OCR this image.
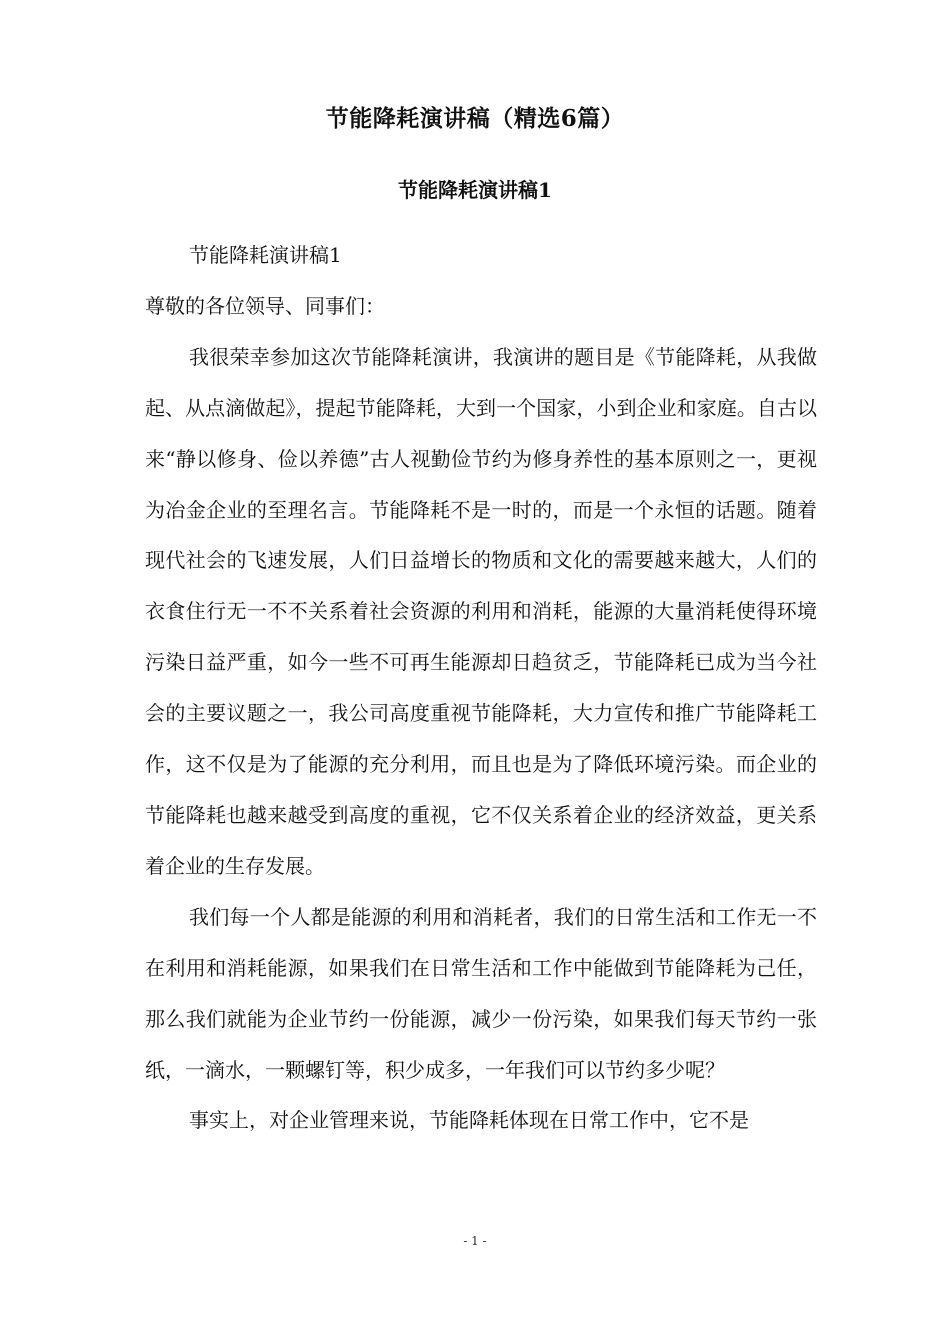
节能降耗演讲稿（精选6篇）
节能降耗演讲稿1

节能降耗演讲稿1

尊敬的各位领导、同事们：

我很荣幸参加这次节能降耗演讲，我演讲的题目是《节能降耗，从我做起、从点滴做起》，提起节能降耗，大到一个国家，小到企业和家庭。自古以来“静以修身、俭以养德”古人视勤俭节约为修身养性的基本原则之一，更视为冶金企业的至理名言。节能降耗不是一时的，而是一个永恒的话题。随着现代社会的飞速发展，人们日益增长的物质和文化的需要越来越大，人们的衣食住行无一不不关系着社会资源的利用和消耗，能源的大量消耗使得环境污染日益严重，如今一些不可再生能源却日趋贫乏，节能降耗已成为当今社会的主要议题之一，我公司高度重视节能降耗，大力宣传和推广节能降耗工作，这不仅是为了能源的充分利用，而且也是为了降低环境污染。而企业的节能降耗也越来越受到高度的重视，它不仅关系着企业的经济效益，更关系着企业的生存发展。

我们每一个人都是能源的利用和消耗者，我们的日常生活和工作无一不在利用和消耗能源，如果我们在日常生活和工作中能做到节能降耗为己任，那么我们就能为企业节约一份能源，减少一份污染，如果我们每天节约一张纸，一滴水，一颗螺钉等，积少成多，一年我们可以节约多少呢？

事实上，对企业管理来说，节能降耗体现在日常工作中，它不是

- 1 -
